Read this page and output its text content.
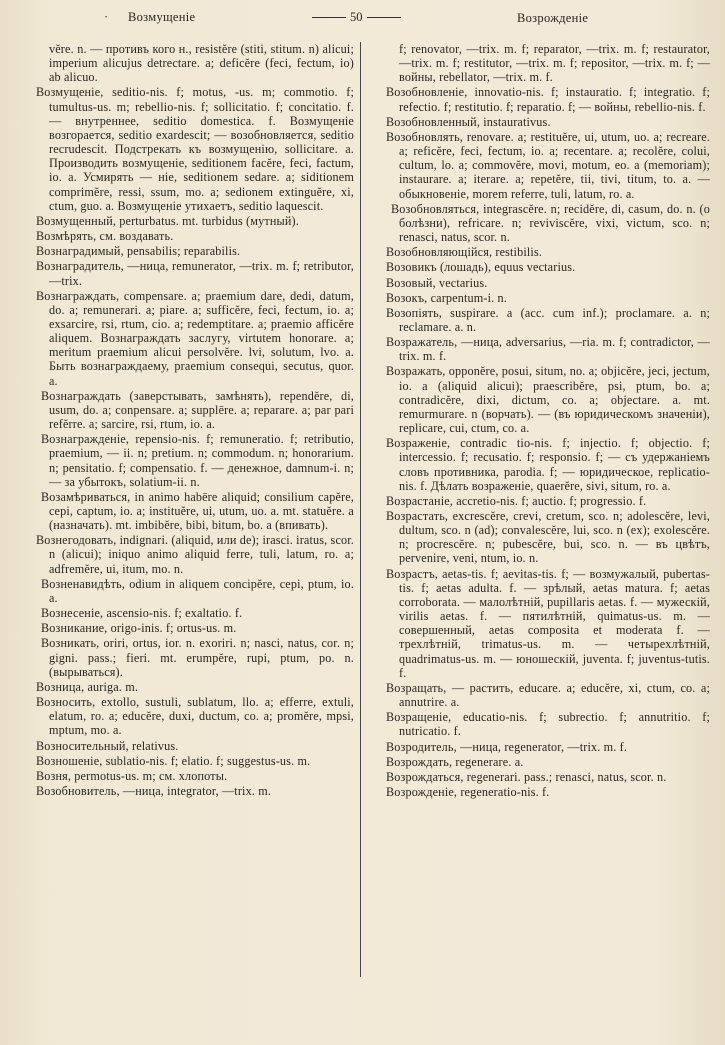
· Возмущеніе	50	Возрожденіе

vĕre. n. — противъ кого н., resistĕre (stiti, stitum. n) alicui; imperium alicujus detrectare. a; deficĕre (feci, fectum, io) ab alicuo.

Возмущеніе, seditio-nis. f; motus, -us. m; commotio. f; tumultus-us. m; rebellio-nis. f; sollicitatio. f; concitatio. f. — внутреннее, seditio domestica. f. Возмущеніе возгорается, seditio exardescit; — возобновляется, seditio recrudescit. Подстрекать къ возмущенію, sollicitare. a. Производить возмущеніе, seditionem facĕre, feci, factum, io. a. Усмирять — ніе, seditionem sedare. a; siditionem comprimĕre, ressi, ssum, mo. a; sedionem extinguĕre, xi, ctum, guo. a. Возмущеніе утихаетъ, seditio laquescit.

Возмущенный, perturbatus. mt. turbidus (мутный).

Возмѣрять, см. воздавать.

Вознаградимый, pensabilis; reparabilis.

Вознаградитель, —ница, remunerator, —trix. m. f; retributor, —trix.

Вознаграждать, compensare. a; praemium dare, dedi, datum, do. a; remunerari. a; piare. a; sufficĕre, feci, fectum, io. a; exsarcire, rsi, rtum, cio. a; redemptitare. a; praemio afficĕre aliquem. Вознаграждать заслугу, virtutem honorare. a; meritum praemium alicui persolvĕre. lvi, solutum, lvo. a. Быть вознаграждаему, praemium consequi, secutus, quor. a.

Вознаграждать (заверстывать, замѣнять), rependĕre, di, usum, do. a; conpensare. a; supplēre. a; reparare. a; par pari refĕrre. a; sarcire, rsi, rtum, io. a.

Вознагражденіе, repensio-nis. f; remuneratio. f; retributio, praemium, — ii. n; pretium. n; commodum. n; honorarium. n; pensitatio. f; compensatio. f. — денежное, damnum-i. n; — за убытокъ, solatium-ii. n.

Возамѣриваться, in animo habēre aliquid; consilium capĕre, cepi, captum, io. a; instituĕre, ui, utum, uo. a. mt. statuĕre. a (назначать). mt. imbibĕre, bibi, bitum, bo. a (впивать).

Вознегодовать, indignari. (aliquid, или de); irasci. iratus, scor. n (alicui); iniquo animo aliquid ferre, tuli, latum, ro. a; adfremĕre, ui, itum, mo. n.

Возненавидѣть, odium in aliquem concipĕre, cepi, ptum, io. a.

Вознесеніе, ascensio-nis. f; exaltatio. f.

Возникание, origo-inis. f; ortus-us. m.

Возникать, oriri, ortus, ior. n. exoriri. n; nasci, natus, cor. n; gigni. pass.; fieri. mt. erumpĕre, rupi, ptum, po. n. (вырываться).

Возница, auriga. m.

Возносить, extollo, sustuli, sublatum, llo. a; efferre, extuli, elatum, ro. a; educĕre, duxi, ductum, co. a; promĕre, mpsi, mptum, mo. a.

Возносительный, relativus.

Возношеніе, sublatio-nis. f; elatio. f; suggestus-us. m.

Возня, permotus-us. m; см. хлопоты.

Возобновитель, —ница, integrator, —trix. m.

f; renovator, —trix. m. f; reparator, —trix. m. f; restaurator, —trix. m. f; restitutor, —trix. m. f; repositor, —trix. m. f; — войны, rebellator, —trix. m. f.

Возобновленіе, innovatio-nis. f; instauratio. f; integratio. f; refectio. f; restitutio. f; reparatio. f; — войны, rebellio-nis. f.

Возобновленный, instaurativus.

Возобновлять, renovare. a; restituĕre, ui, utum, uo. a; recreare. a; reficĕre, feci, fectum, io. a; recentare. a; recolĕre, colui, cultum, lo. a; commovĕre, movi, motum, eo. a (memoriam); instaurare. a; iterare. a; repetĕre, tii, tivi, titum, to. a. — обыкновеніе, morem referre, tuli, latum, ro. a.

Возобновляться, integrascĕre. n; recidĕre, di, casum, do. n. (о болѣзни), refricare. n; reviviscĕre, vixi, victum, sco. n; renasci, natus, scor. n.

Возобновляющійся, restibilis.

Возовикъ (лошадь), equus vectarius.

Возовый, vectarius.

Возокъ, carpentum-i. n.

Возопіять, suspirare. a (acc. cum inf.); proclamare. a. n; reclamare. a. n.

Возражатель, —ница, adversarius, —ria. m. f; contradictor, —trix. m. f.

Возражать, opponĕre, posui, situm, no. a; objicĕre, jeci, jectum, io. a (aliquid alicui); praescribĕre, psi, ptum, bo. a; contradicĕre, dixi, dictum, co. a; objectare. a. mt. remurmurare. n (ворчать). — (въ юридическомъ значеніи), replicare, cui, ctum, co. a.

Возраженіе, contradic tio-nis. f; injectio. f; objectio. f; intercessio. f; recusatio. f; responsio. f; — съ удержаніемъ словъ противника, parodia. f; — юридическое, replicatio-nis. f. Дѣлать возраженіе, quaerĕre, sivi, situm, ro. a.

Возрастаніе, accretio-nis. f; auctio. f; progressio. f.

Возрастать, excrescĕre, crevi, cretum, sco. n; adolescĕre, levi, dultum, sco. n (ad); convalescĕre, lui, sco. n (ex); exolescĕre. n; procrescĕre. n; pubescĕre, bui, sco. n. — въ цвѣтъ, pervenire, veni, ntum, io. n.

Возрастъ, aetas-tis. f; aevitas-tis. f; — возмужалый, pubertas-tis. f; aetas adulta. f. — зрѣлый, aetas matura. f; aetas corroborata. — малолѣтній, pupillaris aetas. f. — мужескій, virilis aetas. f. — пятилѣтній, quimatus-us. m. — совершенный, aetas composita et moderata f. — трехлѣтній, trimatus-us. m. — четырехлѣтній, quadrimatus-us. m. — юношескій, juventa. f; juventus-tutis. f.

Возращать, — растить, educare. a; educĕre, xi, ctum, co. a; annutrire. a.

Возращеніе, educatio-nis. f; subrectio. f; annutritio. f; nutricatio. f.

Возродитель, —ница, regenerator, —trix. m. f.

Возрождать, regenerare. a.

Возрождаться, regenerari. pass.; renasci, natus, scor. n.

Возрожденіе, regeneratio-nis. f.
